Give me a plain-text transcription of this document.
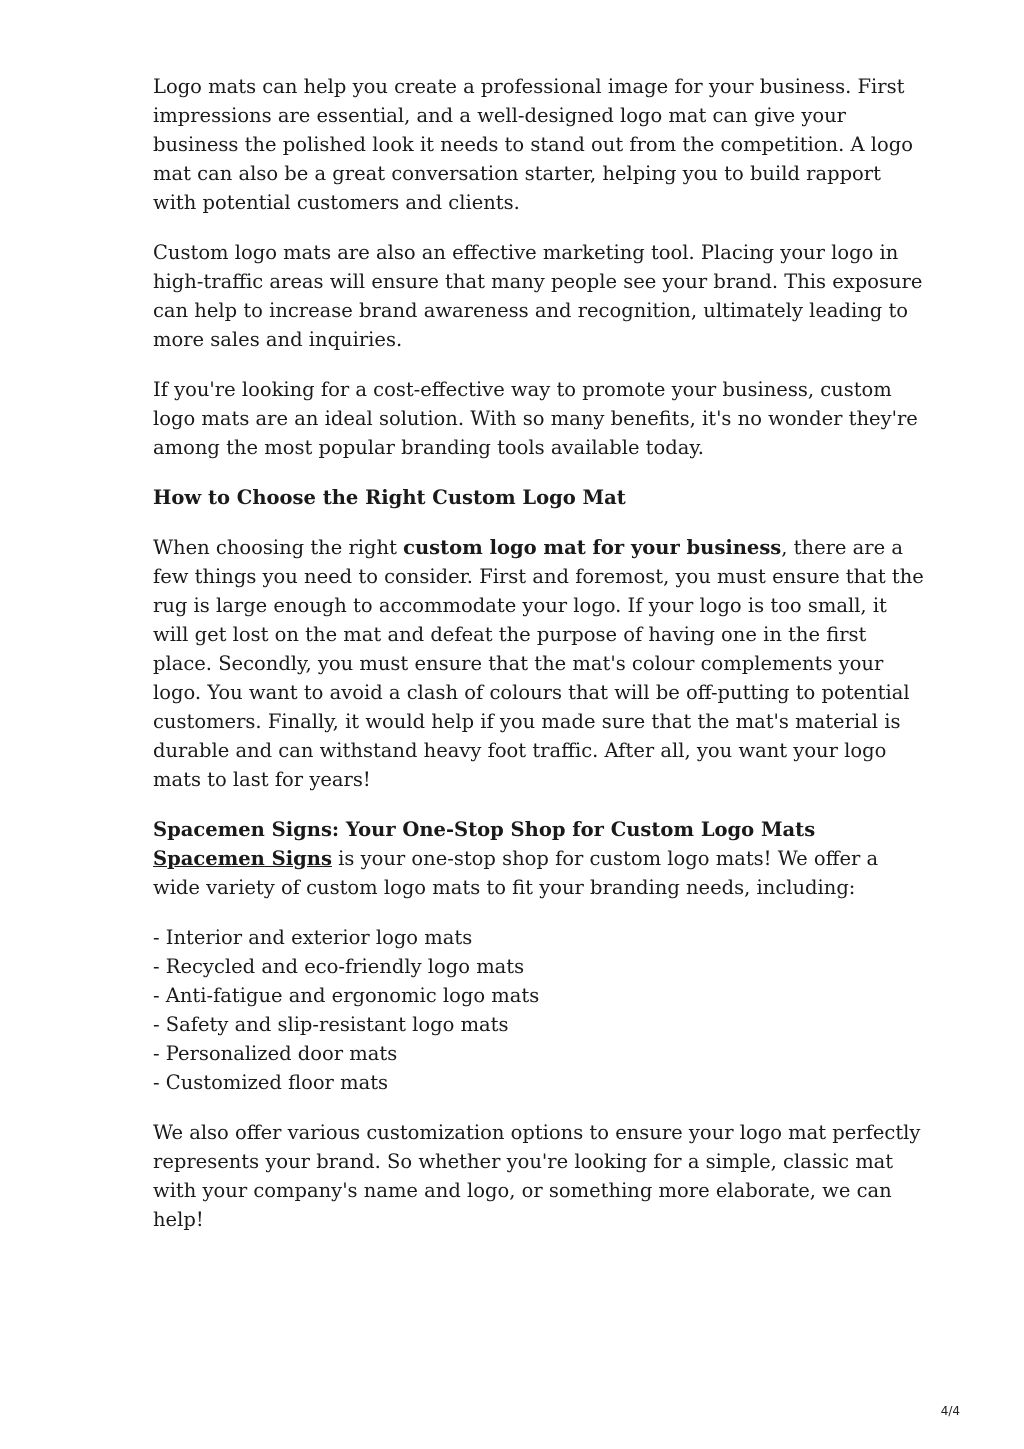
Logo mats can help you create a professional image for your business. First impressions are essential, and a well-designed logo mat can give your business the polished look it needs to stand out from the competition. A logo mat can also be a great conversation starter, helping you to build rapport with potential customers and clients.

Custom logo mats are also an effective marketing tool. Placing your logo in high-traffic areas will ensure that many people see your brand. This exposure can help to increase brand awareness and recognition, ultimately leading to more sales and inquiries.

If you're looking for a cost-effective way to promote your business, custom logo mats are an ideal solution. With so many benefits, it's no wonder they're among the most popular branding tools available today.

How to Choose the Right Custom Logo Mat

When choosing the right custom logo mat for your business, there are a few things you need to consider. First and foremost, you must ensure that the rug is large enough to accommodate your logo. If your logo is too small, it will get lost on the mat and defeat the purpose of having one in the first place. Secondly, you must ensure that the mat's colour complements your logo. You want to avoid a clash of colours that will be off-putting to potential customers. Finally, it would help if you made sure that the mat's material is durable and can withstand heavy foot traffic. After all, you want your logo mats to last for years!

Spacemen Signs: Your One-Stop Shop for Custom Logo Mats

Spacemen Signs is your one-stop shop for custom logo mats! We offer a wide variety of custom logo mats to fit your branding needs, including:

- Interior and exterior logo mats
- Recycled and eco-friendly logo mats
- Anti-fatigue and ergonomic logo mats
- Safety and slip-resistant logo mats
- Personalized door mats
- Customized floor mats

We also offer various customization options to ensure your logo mat perfectly represents your brand. So whether you're looking for a simple, classic mat with your company's name and logo, or something more elaborate, we can help!

4/4
